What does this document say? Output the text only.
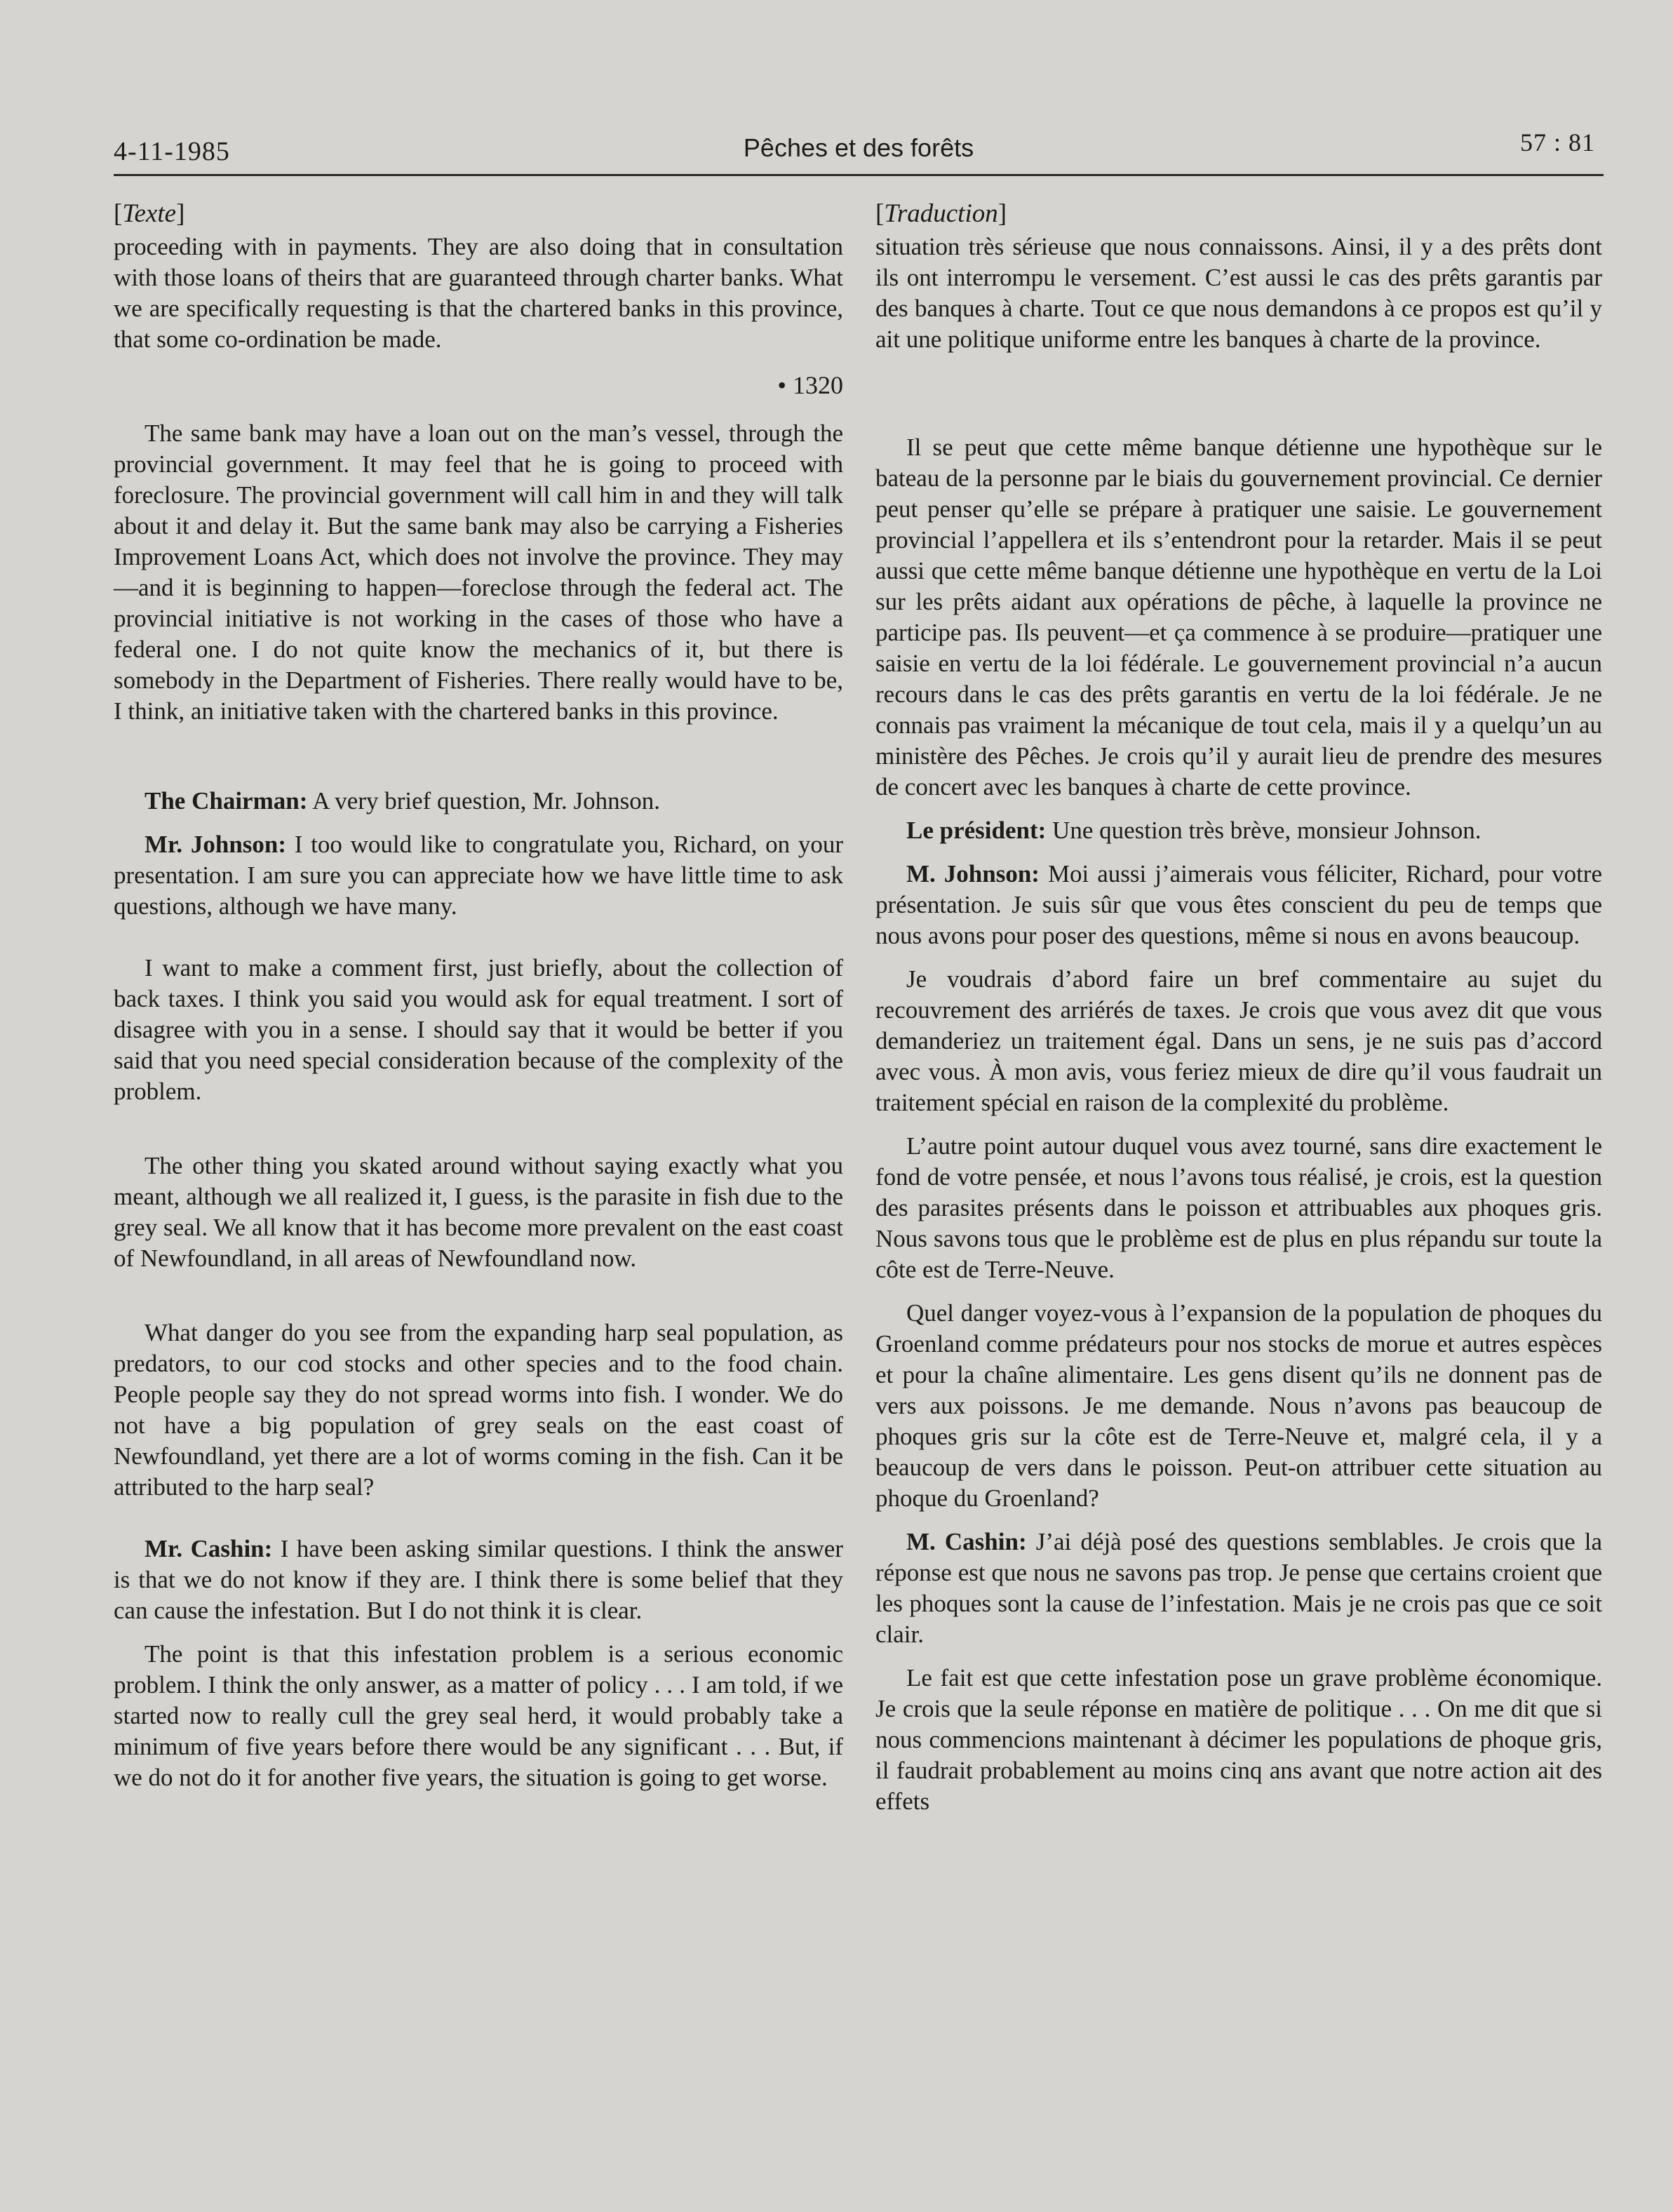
4-11-1985	Pêches et des forêts	57 : 81
[Texte]

proceeding with in payments. They are also doing that in consultation with those loans of theirs that are guaranteed through charter banks. What we are specifically requesting is that the chartered banks in this province, that some co-ordination be made.

• 1320

The same bank may have a loan out on the man’s vessel, through the provincial government. It may feel that he is going to proceed with foreclosure. The provincial government will call him in and they will talk about it and delay it. But the same bank may also be carrying a Fisheries Improvement Loans Act, which does not involve the province. They may—and it is beginning to happen—foreclose through the federal act. The provincial initiative is not working in the cases of those who have a federal one. I do not quite know the mechanics of it, but there is somebody in the Department of Fisheries. There really would have to be, I think, an initiative taken with the chartered banks in this province.

The Chairman: A very brief question, Mr. Johnson.

Mr. Johnson: I too would like to congratulate you, Richard, on your presentation. I am sure you can appreciate how we have little time to ask questions, although we have many.

I want to make a comment first, just briefly, about the collection of back taxes. I think you said you would ask for equal treatment. I sort of disagree with you in a sense. I should say that it would be better if you said that you need special consideration because of the complexity of the problem.

The other thing you skated around without saying exactly what you meant, although we all realized it, I guess, is the parasite in fish due to the grey seal. We all know that it has become more prevalent on the east coast of Newfoundland, in all areas of Newfoundland now.

What danger do you see from the expanding harp seal population, as predators, to our cod stocks and other species and to the food chain. People people say they do not spread worms into fish. I wonder. We do not have a big population of grey seals on the east coast of Newfoundland, yet there are a lot of worms coming in the fish. Can it be attributed to the harp seal?

Mr. Cashin: I have been asking similar questions. I think the answer is that we do not know if they are. I think there is some belief that they can cause the infestation. But I do not think it is clear.

The point is that this infestation problem is a serious economic problem. I think the only answer, as a matter of policy . . . I am told, if we started now to really cull the grey seal herd, it would probably take a minimum of five years before there would be any significant . . . But, if we do not do it for another five years, the situation is going to get worse.

[Traduction]

situation très sérieuse que nous connaissons. Ainsi, il y a des prêts dont ils ont interrompu le versement. C’est aussi le cas des prêts garantis par des banques à charte. Tout ce que nous demandons à ce propos est qu’il y ait une politique uniforme entre les banques à charte de la province.

Il se peut que cette même banque détienne une hypothèque sur le bateau de la personne par le biais du gouvernement provincial. Ce dernier peut penser qu’elle se prépare à pratiquer une saisie. Le gouvernement provincial l’appellera et ils s’entendront pour la retarder. Mais il se peut aussi que cette même banque détienne une hypothèque en vertu de la Loi sur les prêts aidant aux opérations de pêche, à laquelle la province ne participe pas. Ils peuvent—et ça commence à se produire—pratiquer une saisie en vertu de la loi fédérale. Le gouvernement provincial n’a aucun recours dans le cas des prêts garantis en vertu de la loi fédérale. Je ne connais pas vraiment la mécanique de tout cela, mais il y a quelqu’un au ministère des Pêches. Je crois qu’il y aurait lieu de prendre des mesures de concert avec les banques à charte de cette province.

Le président: Une question très brève, monsieur Johnson.

M. Johnson: Moi aussi j’aimerais vous féliciter, Richard, pour votre présentation. Je suis sûr que vous êtes conscient du peu de temps que nous avons pour poser des questions, même si nous en avons beaucoup.

Je voudrais d’abord faire un bref commentaire au sujet du recouvrement des arriérés de taxes. Je crois que vous avez dit que vous demanderiez un traitement égal. Dans un sens, je ne suis pas d’accord avec vous. À mon avis, vous feriez mieux de dire qu’il vous faudrait un traitement spécial en raison de la complexité du problème.

L’autre point autour duquel vous avez tourné, sans dire exactement le fond de votre pensée, et nous l’avons tous réalisé, je crois, est la question des parasites présents dans le poisson et attribuables aux phoques gris. Nous savons tous que le problème est de plus en plus répandu sur toute la côte est de Terre-Neuve.

Quel danger voyez-vous à l’expansion de la population de phoques du Groenland comme prédateurs pour nos stocks de morue et autres espèces et pour la chaîne alimentaire. Les gens disent qu’ils ne donnent pas de vers aux poissons. Je me demande. Nous n’avons pas beaucoup de phoques gris sur la côte est de Terre-Neuve et, malgré cela, il y a beaucoup de vers dans le poisson. Peut-on attribuer cette situation au phoque du Groenland?

M. Cashin: J’ai déjà posé des questions semblables. Je crois que la réponse est que nous ne savons pas trop. Je pense que certains croient que les phoques sont la cause de l’infestation. Mais je ne crois pas que ce soit clair.

Le fait est que cette infestation pose un grave problème économique. Je crois que la seule réponse en matière de politique . . . On me dit que si nous commencions maintenant à décimer les populations de phoque gris, il faudrait probablement au moins cinq ans avant que notre action ait des effets
